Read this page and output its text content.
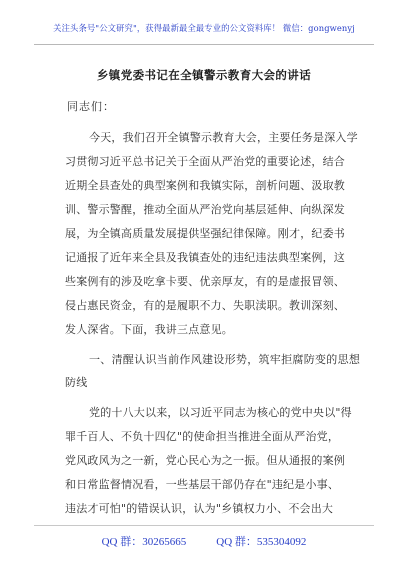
关注头条号"公文研究"，获得最新最全最专业的公文资料库！ 微信：gongwenyj
乡镇党委书记在全镇警示教育大会的讲话
同志们：
今天，我们召开全镇警示教育大会，主要任务是深入学
习贯彻习近平总书记关于全面从严治党的重要论述，结合
近期全县查处的典型案例和我镇实际，剖析问题、汲取教
训、警示警醒，推动全面从严治党向基层延伸、向纵深发
展，为全镇高质量发展提供坚强纪律保障。刚才，纪委书
记通报了近年来全县及我镇查处的违纪违法典型案例，这
些案例有的涉及吃拿卡要、优亲厚友，有的是虚报冒领、
侵占惠民资金，有的是履职不力、失职渎职。教训深刻、
发人深省。下面，我讲三点意见。
一、清醒认识当前作风建设形势，筑牢拒腐防变的思想
防线
党的十八大以来，以习近平同志为核心的党中央以"得
罪千百人、不负十四亿"的使命担当推进全面从严治党，
党风政风为之一新，党心民心为之一振。但从通报的案例
和日常监督情况看，一些基层干部仍存在"违纪是小事、
违法才可怕"的错误认识，认为"乡镇权力小、不会出大
QQ 群：30265665	QQ 群：535304092
